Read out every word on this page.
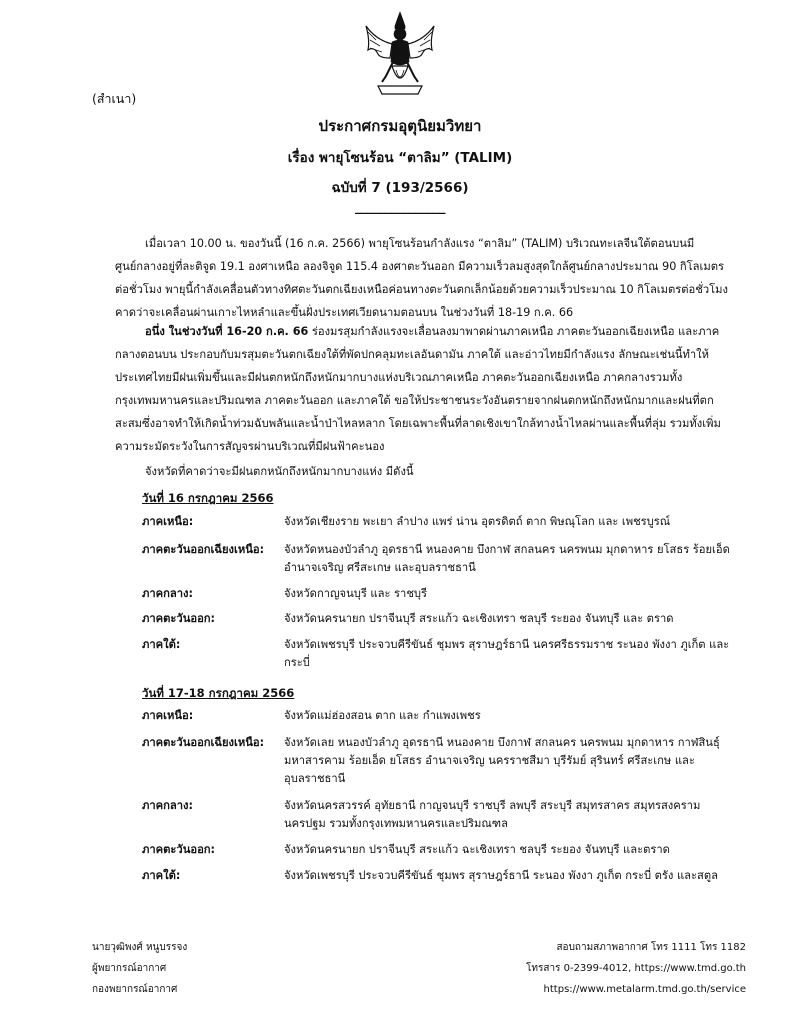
(สำเนา)
ประกาศกรมอุตุนิยมวิทยา
เรื่อง พายุโซนร้อน “ตาลิม” (TALIM)
ฉบับที่ 7 (193/2566)
_______________
เมื่อเวลา 10.00 น. ของวันนี้ (16 ก.ค. 2566) พายุโซนร้อนกำลังแรง “ตาลิม” (TALIM) บริเวณทะเลจีนใต้ตอนบนมีศูนย์กลางอยู่ที่ละติจูด 19.1 องศาเหนือ ลองจิจูด 115.4 องศาตะวันออก มีความเร็วลมสูงสุดใกล้ศูนย์กลางประมาณ 90 กิโลเมตรต่อชั่วโมง พายุนี้กำลังเคลื่อนตัวทางทิศตะวันตกเฉียงเหนือค่อนทางตะวันตกเล็กน้อยด้วยความเร็วประมาณ 10 กิโลเมตรต่อชั่วโมง คาดว่าจะเคลื่อนผ่านเกาะไหหลำและขึ้นฝั่งประเทศเวียดนามตอนบน ในช่วงวันที่ 18-19 ก.ค. 66
อนึ่ง ในช่วงวันที่ 16-20 ก.ค. 66 ร่องมรสุมกำลังแรงจะเลื่อนลงมาพาดผ่านภาคเหนือ ภาคตะวันออกเฉียงเหนือ และภาคกลางตอนบน ประกอบกับมรสุมตะวันตกเฉียงใต้ที่พัดปกคลุมทะเลอันดามัน ภาคใต้ และอ่าวไทยมีกำลังแรง ลักษณะเช่นนี้ทำให้ประเทศไทยมีฝนเพิ่มขึ้นและมีฝนตกหนักถึงหนักมากบางแห่งบริเวณภาคเหนือ ภาคตะวันออกเฉียงเหนือ ภาคกลางรวมทั้งกรุงเทพมหานครและปริมณฑล ภาคตะวันออก และภาคใต้ ขอให้ประชาชนระวังอันตรายจากฝนตกหนักถึงหนักมากและฝนที่ตกสะสมซึ่งอาจทำให้เกิดน้ำท่วมฉับพลันและน้ำป่าไหลหลาก โดยเฉพาะพื้นที่ลาดเชิงเขาใกล้ทางน้ำไหลผ่านและพื้นที่ลุ่ม รวมทั้งเพิ่มความระมัดระวังในการสัญจรผ่านบริเวณที่มีฝนฟ้าคะนอง
จังหวัดที่คาดว่าจะมีฝนตกหนักถึงหนักมากบางแห่ง มีดังนี้
วันที่ 16 กรกฎาคม 2566
ภาคเหนือ:	จังหวัดเชียงราย พะเยา ลำปาง แพร่ น่าน อุตรดิตถ์ ตาก พิษณุโลก และ เพชรบูรณ์
ภาคตะวันออกเฉียงเหนือ:	จังหวัดหนองบัวลำภู อุดรธานี หนองคาย บึงกาฬ สกลนคร นครพนม มุกดาหาร ยโสธร ร้อยเอ็ด อำนาจเจริญ ศรีสะเกษ และอุบลราชธานี
ภาคกลาง:	จังหวัดกาญจนบุรี และ ราชบุรี
ภาคตะวันออก:	จังหวัดนครนายก ปราจีนบุรี สระแก้ว ฉะเชิงเทรา ชลบุรี ระยอง จันทบุรี และ ตราด
ภาคใต้:	จังหวัดเพชรบุรี ประจวบคีรีขันธ์ ชุมพร สุราษฎร์ธานี นครศรีธรรมราช ระนอง พังงา ภูเก็ต และ กระบี่
วันที่ 17-18 กรกฎาคม 2566
ภาคเหนือ:	จังหวัดแม่ฮ่องสอน ตาก และ กำแพงเพชร
ภาคตะวันออกเฉียงเหนือ:	จังหวัดเลย หนองบัวลำภู อุดรธานี หนองคาย บึงกาฬ สกลนคร นครพนม มุกดาหาร กาฬสินธุ์ มหาสารคาม ร้อยเอ็ด ยโสธร อำนาจเจริญ นครราชสีมา บุรีรัมย์ สุรินทร์ ศรีสะเกษ และอุบลราชธานี
ภาคกลาง:	จังหวัดนครสวรรค์ อุทัยธานี กาญจนบุรี ราชบุรี ลพบุรี สระบุรี สมุทรสาคร สมุทรสงคราม นครปฐม รวมทั้งกรุงเทพมหานครและปริมณฑล
ภาคตะวันออก:	จังหวัดนครนายก ปราจีนบุรี สระแก้ว ฉะเชิงเทรา ชลบุรี ระยอง จันทบุรี และตราด
ภาคใต้:	จังหวัดเพชรบุรี ประจวบคีรีขันธ์ ชุมพร สุราษฎร์ธานี ระนอง พังงา ภูเก็ต กระบี่ ตรัง และสตูล
นายวุฒิพงศ์ หนูบรรจง
ผู้พยากรณ์อากาศ
กองพยากรณ์อากาศ
สอบถามสภาพอากาศ โทร 1111 โทร 1182
โทรสาร 0-2399-4012, https://www.tmd.go.th
https://www.metalarm.tmd.go.th/service
